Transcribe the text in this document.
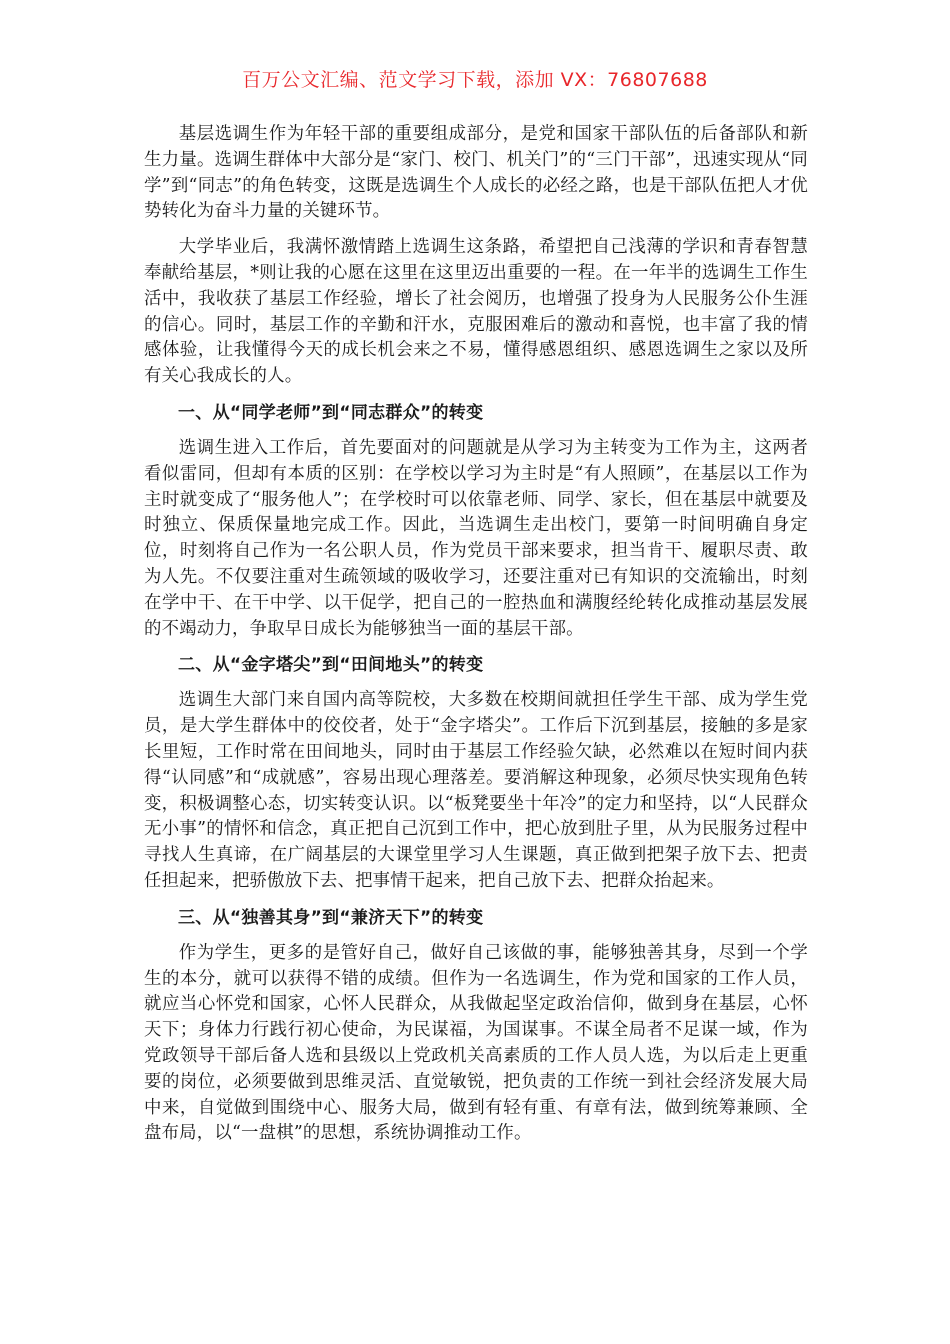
百万公文汇编、范文学习下载，添加 VX：76807688

基层选调生作为年轻干部的重要组成部分，是党和国家干部队伍的后备部队和新生力量。选调生群体中大部分是“家门、校门、机关门”的“三门干部”，迅速实现从“同学”到“同志”的角色转变，这既是选调生个人成长的必经之路，也是干部队伍把人才优势转化为奋斗力量的关键环节。

大学毕业后，我满怀激情踏上选调生这条路，希望把自己浅薄的学识和青春智慧奉献给基层，*则让我的心愿在这里在这里迈出重要的一程。在一年半的选调生工作生活中，我收获了基层工作经验，增长了社会阅历，也增强了投身为人民服务公仆生涯的信心。同时，基层工作的辛勤和汗水，克服困难后的激动和喜悦，也丰富了我的情感体验，让我懂得今天的成长机会来之不易，懂得感恩组织、感恩选调生之家以及所有关心我成长的人。

一、从“同学老师”到“同志群众”的转变

选调生进入工作后，首先要面对的问题就是从学习为主转变为工作为主，这两者看似雷同，但却有本质的区别：在学校以学习为主时是“有人照顾”，在基层以工作为主时就变成了“服务他人”；在学校时可以依靠老师、同学、家长，但在基层中就要及时独立、保质保量地完成工作。因此，当选调生走出校门，要第一时间明确自身定位，时刻将自己作为一名公职人员，作为党员干部来要求，担当肯干、履职尽责、敢为人先。不仅要注重对生疏领域的吸收学习，还要注重对已有知识的交流输出，时刻在学中干、在干中学、以干促学，把自己的一腔热血和满腹经纶转化成推动基层发展的不竭动力，争取早日成长为能够独当一面的基层干部。

二、从“金字塔尖”到“田间地头”的转变

选调生大部门来自国内高等院校，大多数在校期间就担任学生干部、成为学生党员，是大学生群体中的佼佼者，处于“金字塔尖”。工作后下沉到基层，接触的多是家长里短，工作时常在田间地头，同时由于基层工作经验欠缺，必然难以在短时间内获得“认同感”和“成就感”，容易出现心理落差。要消解这种现象，必须尽快实现角色转变，积极调整心态，切实转变认识。以“板凳要坐十年冷”的定力和坚持，以“人民群众无小事”的情怀和信念，真正把自己沉到工作中，把心放到肚子里，从为民服务过程中寻找人生真谛，在广阔基层的大课堂里学习人生课题，真正做到把架子放下去、把责任担起来，把骄傲放下去、把事情干起来，把自己放下去、把群众抬起来。

三、从“独善其身”到“兼济天下”的转变

作为学生，更多的是管好自己，做好自己该做的事，能够独善其身，尽到一个学生的本分，就可以获得不错的成绩。但作为一名选调生，作为党和国家的工作人员，就应当心怀党和国家，心怀人民群众，从我做起坚定政治信仰，做到身在基层，心怀天下；身体力行践行初心使命，为民谋福，为国谋事。不谋全局者不足谋一域，作为党政领导干部后备人选和县级以上党政机关高素质的工作人员人选，为以后走上更重要的岗位，必须要做到思维灵活、直觉敏锐，把负责的工作统一到社会经济发展大局中来，自觉做到围绕中心、服务大局，做到有轻有重、有章有法，做到统筹兼顾、全盘布局，以“一盘棋”的思想，系统协调推动工作。
